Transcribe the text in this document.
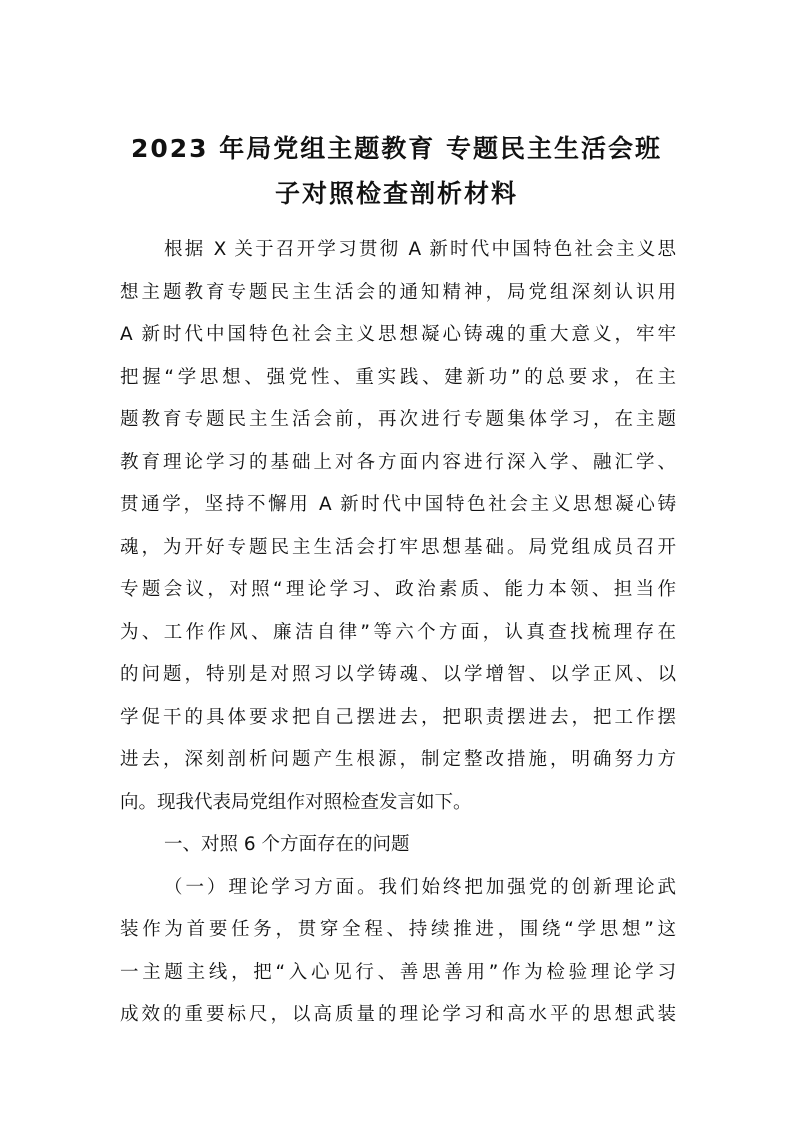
2023 年局党组主题教育 专题民主生活会班
子对照检查剖析材料
根据 X 关于召开学习贯彻 A 新时代中国特色社会主义思
想主题教育专题民主生活会的通知精神，局党组深刻认识用
A 新时代中国特色社会主义思想凝心铸魂的重大意义，牢牢
把握“学思想、强党性、重实践、建新功”的总要求，在主
题教育专题民主生活会前，再次进行专题集体学习，在主题
教育理论学习的基础上对各方面内容进行深入学、融汇学、
贯通学，坚持不懈用 A 新时代中国特色社会主义思想凝心铸
魂，为开好专题民主生活会打牢思想基础。局党组成员召开
专题会议，对照“理论学习、政治素质、能力本领、担当作
为、工作作风、廉洁自律”等六个方面，认真查找梳理存在
的问题，特别是对照习以学铸魂、以学增智、以学正风、以
学促干的具体要求把自己摆进去，把职责摆进去，把工作摆
进去，深刻剖析问题产生根源，制定整改措施，明确努力方
向。现我代表局党组作对照检查发言如下。
一、对照 6 个方面存在的问题
（一）理论学习方面。我们始终把加强党的创新理论武
装作为首要任务，贯穿全程、持续推进，围绕“学思想”这
一主题主线，把“入心见行、善思善用”作为检验理论学习
成效的重要标尺，以高质量的理论学习和高水平的思想武装
